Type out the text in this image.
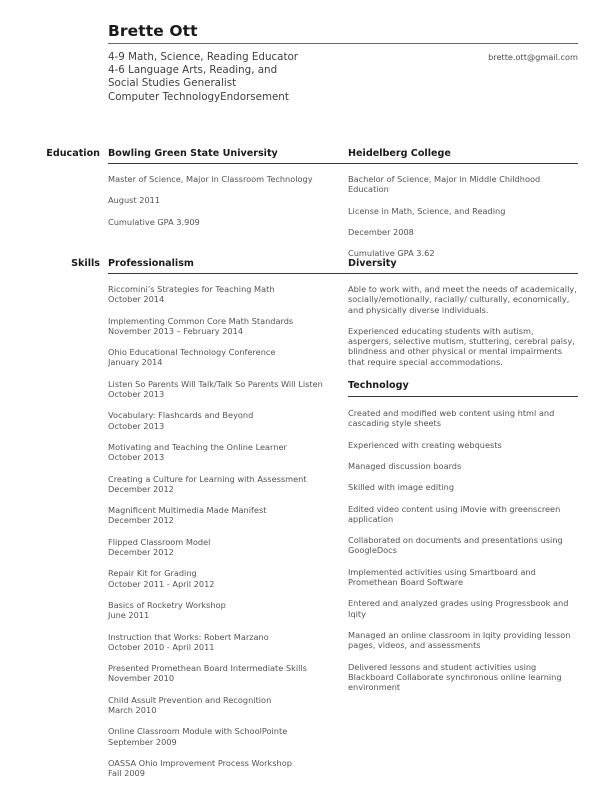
Brette Ott
4-9 Math, Science, Reading Educator
4-6 Language Arts, Reading, and
Social Studies Generalist
Computer TechnologyEndorsement
brette.ott@gmail.com
Education Bowling Green State University	Heidelberg College
Master of Science, Major in Classroom Technology
August 2011
Cumulative GPA 3.909
Bachelor of Science, Major in Middle Childhood Education
License in Math, Science, and Reading
December 2008
Cumulative GPA 3.62
Skills Professionalism	Diversity
Riccomini’s Strategies for Teaching Math
October 2014
Implementing Common Core Math Standards
November 2013 – February 2014
Ohio Educational Technology Conference
January 2014
Listen So Parents Will Talk/Talk So Parents Will Listen
October 2013
Vocabulary: Flashcards and Beyond
October 2013
Motivating and Teaching the Online Learner
October 2013
Creating a Culture for Learning with Assessment
December 2012
Magnificent Multimedia Made Manifest
December 2012
Flipped Classroom Model
December 2012
Repair Kit for Grading
October 2011 - April 2012
Basics of Rocketry Workshop
June 2011
Instruction that Works: Robert Marzano
October 2010 - April 2011
Presented Promethean Board Intermediate Skills
November 2010
Child Assult Prevention and Recognition
March 2010
Online Classroom Module with SchoolPointe
September 2009
OASSA Ohio Improvement Process Workshop
Fall 2009
Able to work with, and meet the needs of academically, socially/emotionally, racially/ culturally, economically, and physically diverse individuals.
Experienced educating students with autism, aspergers, selective mutism, stuttering, cerebral palsy, blindness and other physical or mental impairments that require special accommodations.
Technology
Created and modified web content using html and cascading style sheets
Experienced with creating webquests
Managed discussion boards
Skilled with image editing
Edited video content using iMovie with greenscreen application
Collaborated on documents and presentations using GoogleDocs
Implemented activities using Smartboard and Promethean Board Software
Entered and analyzed grades using Progressbook and Iqity
Managed an online classroom in Iqity providing lesson pages, videos, and assessments
Delivered lessons and student activities using Blackboard Collaborate synchronous online learning environment
